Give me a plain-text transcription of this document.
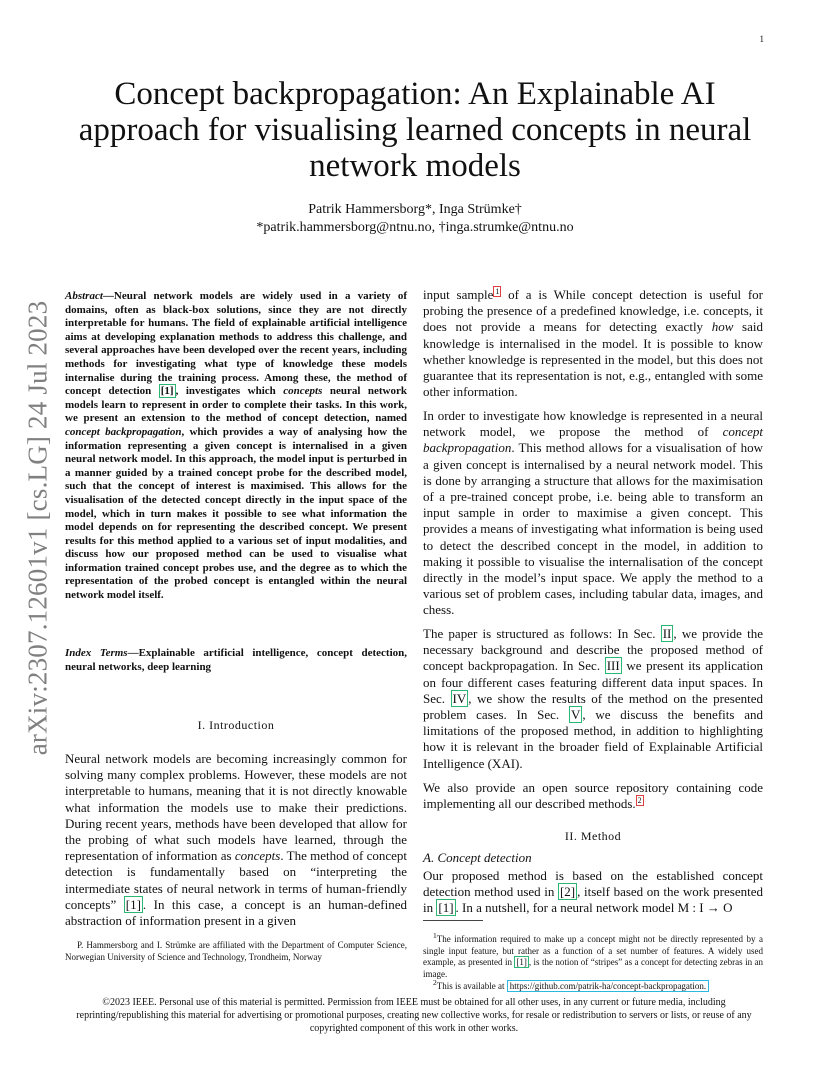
1
arXiv:2307.12601v1 [cs.LG] 24 Jul 2023
Concept backpropagation: An Explainable AI approach for visualising learned concepts in neural network models
Patrik Hammersborg*, Inga Strümke†
*patrik.hammersborg@ntnu.no, †inga.strumke@ntnu.no
Abstract—Neural network models are widely used in a variety of domains, often as black-box solutions, since they are not directly interpretable for humans. The field of explainable artificial intelligence aims at developing explanation methods to address this challenge, and several approaches have been developed over the recent years, including methods for investigating what type of knowledge these models internalise during the training process. Among these, the method of concept detection [1] , investigates which concepts neural network models learn to represent in order to complete their tasks. In this work, we present an extension to the method of concept detection, named concept backpropagation, which provides a way of analysing how the information representing a given concept is internalised in a given neural network model. In this approach, the model input is perturbed in a manner guided by a trained concept probe for the described model, such that the concept of interest is maximised. This allows for the visualisation of the detected concept directly in the input space of the model, which in turn makes it possible to see what information the model depends on for representing the described concept. We present results for this method applied to a various set of input modalities, and discuss how our proposed method can be used to visualise what information trained concept probes use, and the degree as to which the representation of the probed concept is entangled within the neural network model itself.
Index Terms—Explainable artificial intelligence, concept detection, neural networks, deep learning
I. Introduction

Neural network models are becoming increasingly common for solving many complex problems. However, these models are not interpretable to humans, meaning that it is not directly knowable what information the models use to make their predictions. During recent years, methods have been developed that allow for the probing of what such models have learned, through the representation of information as concepts. The method of concept detection is fundamentally based on “interpreting the intermediate states of neural network in terms of human-friendly concepts” [1] . In this case, a concept is an human-defined abstraction of information present in a given

P. Hammersborg and I. Strümke are affiliated with the Department of Computer Science, Norwegian University of Science and Technology, Trondheim, Norway

input sample $^1$ of a is While concept detection is useful for probing the presence of a predefined knowledge, i.e. concepts, it does not provide a means for detecting exactly how said knowledge is internalised in the model. It is possible to know whether knowledge is represented in the model, but this does not guarantee that its representation is not, e.g., entangled with some other information.

In order to investigate how knowledge is represented in a neural network model, we propose the method of concept backpropagation. This method allows for a visualisation of how a given concept is internalised by a neural network model. This is done by arranging a structure that allows for the maximisation of a pre-trained concept probe, i.e. being able to transform an input sample in order to maximise a given concept. This provides a means of investigating what information is being used to detect the described concept in the model, in addition to making it possible to visualise the internalisation of the concept directly in the model’s input space. We apply the method to a various set of problem cases, including tabular data, images, and chess.

The paper is structured as follows: In Sec. II , we provide the necessary background and describe the proposed method of concept backpropagation. In Sec. III we present its application on four different cases featuring different data input spaces. In Sec. IV , we show the results of the method on the presented problem cases. In Sec. V , we discuss the benefits and limitations of the proposed method, in addition to highlighting how it is relevant in the broader field of Explainable Artificial Intelligence (XAI).

We also provide an open source repository containing code implementing all our described methods. $^2$

II. Method
A. Concept detection

Our proposed method is based on the established concept detection method used in [2] , itself based on the work presented in [1] . In a nutshell, for a neural network model M : I → O

$^1$The information required to make up a concept might not be directly represented by a single input feature, but rather as a function of a set number of features. A widely used example, as presented in [1] , is the notion of “stripes” as a concept for detecting zebras in an image.
$^2$This is available at https://github.com/patrik-ha/concept-backpropagation.
©2023 IEEE. Personal use of this material is permitted. Permission from IEEE must be obtained for all other uses, in any current or future media, including reprinting/republishing this material for advertising or promotional purposes, creating new collective works, for resale or redistribution to servers or lists, or reuse of any copyrighted component of this work in other works.
